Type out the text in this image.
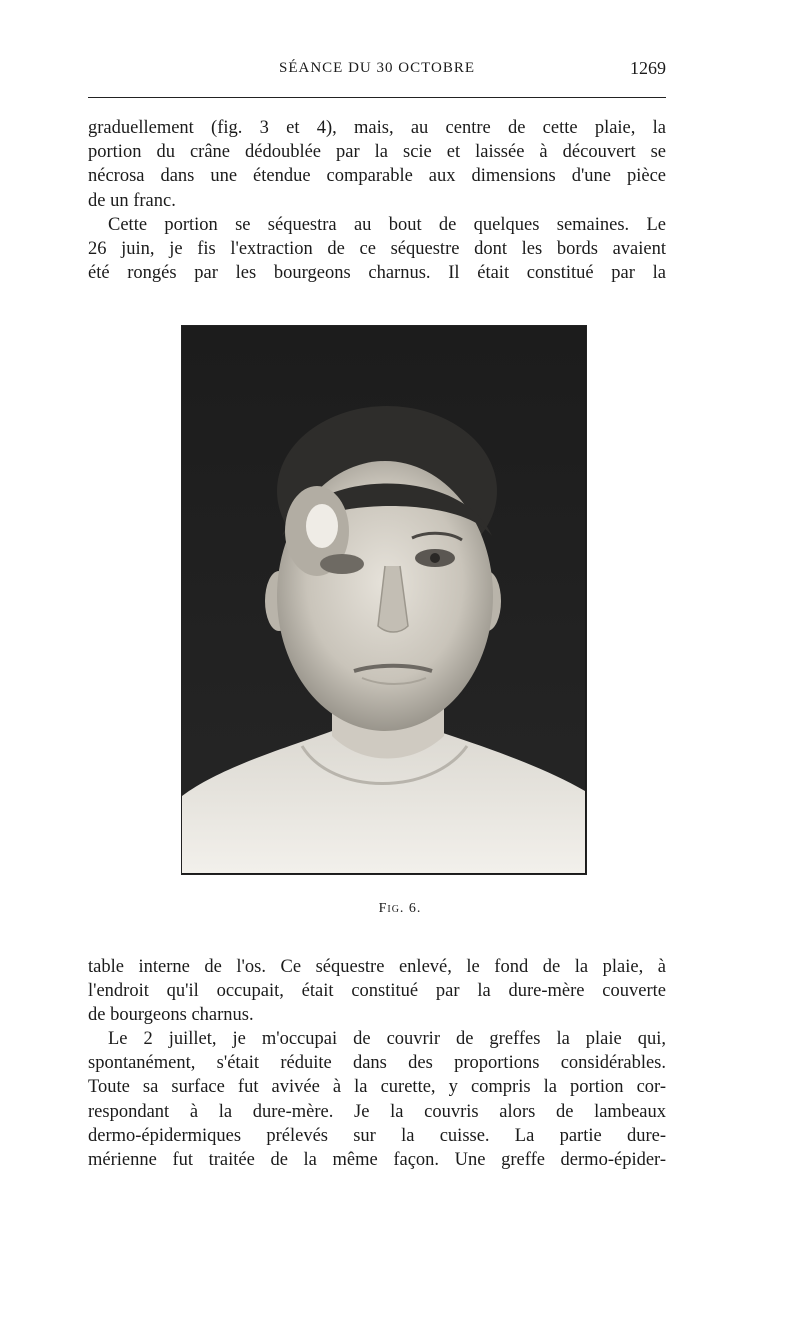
SÉANCE DU 30 OCTOBRE	1269

graduellement (fig. 3 et 4), mais, au centre de cette plaie, la
portion du crâne dédoublée par la scie et laissée à découvert se
nécrosa dans une étendue comparable aux dimensions d'une pièce
de un franc.

Cette portion se séquestra au bout de quelques semaines. Le
26 juin, je fis l'extraction de ce séquestre dont les bords avaient
été rongés par les bourgeons charnus. Il était constitué par la

Fig. 6.

table interne de l'os. Ce séquestre enlevé, le fond de la plaie, à
l'endroit qu'il occupait, était constitué par la dure-mère couverte
de bourgeons charnus.

Le 2 juillet, je m'occupai de couvrir de greffes la plaie qui,
spontanément, s'était réduite dans des proportions considérables.
Toute sa surface fut avivée à la curette, y compris la portion cor-
respondant à la dure-mère. Je la couvris alors de lambeaux
dermo-épidermiques prélevés sur la cuisse. La partie dure-
mérienne fut traitée de la même façon. Une greffe dermo-épider-
